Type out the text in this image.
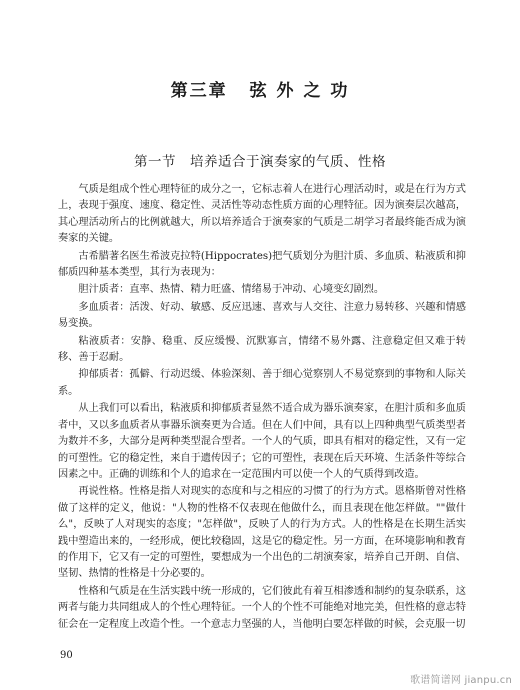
第三章 弦 外 之 功
第一节 培养适合于演奏家的气质、性格

气质是组成个性心理特征的成分之一，它标志着人在进行心理活动时，或是在行为方式上，表现于强度、速度、稳定性、灵活性等动态性质方面的心理特征。因为演奏层次越高，其心理活动所占的比例就越大，所以培养适合于演奏家的气质是二胡学习者最终能否成为演奏家的关键。

古希腊著名医生希波克拉特(Hippocrates)把气质划分为胆汁质、多血质、粘液质和抑郁质四种基本类型，其行为表现为：

胆汁质者：直率、热情、精力旺盛、情绪易于冲动、心境变幻剧烈。

多血质者：活泼、好动、敏感、反应迅速、喜欢与人交往、注意力易转移、兴趣和情感易变换。

粘液质者：安静、稳重、反应缓慢、沉默寡言，情绪不易外露、注意稳定但又难于转移、善于忍耐。

抑郁质者：孤僻、行动迟缓、体验深刻、善于细心觉察别人不易觉察到的事物和人际关系。

从上我们可以看出，粘液质和抑郁质者显然不适合成为器乐演奏家，在胆汁质和多血质者中，又以多血质者从事器乐演奏更为合适。但在人们中间，具有以上四种典型气质类型者为数并不多，大部分是两种类型混合型者。一个人的气质，即具有相对的稳定性，又有一定的可塑性。它的稳定性，来自于遗传因子；它的可塑性，表现在后天环境、生活条件等综合因素之中。正确的训练和个人的追求在一定范围内可以使一个人的气质得到改造。

再说性格。性格是指人对现实的态度和与之相应的习惯了的行为方式。恩格斯曾对性格做了这样的定义，他说："人物的性格不仅表现在他做什么，而且表现在他怎样做。""做什么"，反映了人对现实的态度；"怎样做"，反映了人的行为方式。人的性格是在长期生活实践中塑造出来的，一经形成，便比较稳固，这是它的稳定性。另一方面，在环境影响和教育的作用下，它又有一定的可塑性，要想成为一个出色的二胡演奏家，培养自己开朗、自信、坚韧、热情的性格是十分必要的。

性格和气质是在生活实践中统一形成的，它们彼此有着互相渗透和制约的复杂联系，这两者与能力共同组成人的个性心理特征。一个人的个性不可能绝对地完美，但性格的意志特征会在一定程度上改造个性。一个意志力坚强的人，当他明白要怎样做的时候，会克服一切

90
歌谱简谱网 jianpu.cn
